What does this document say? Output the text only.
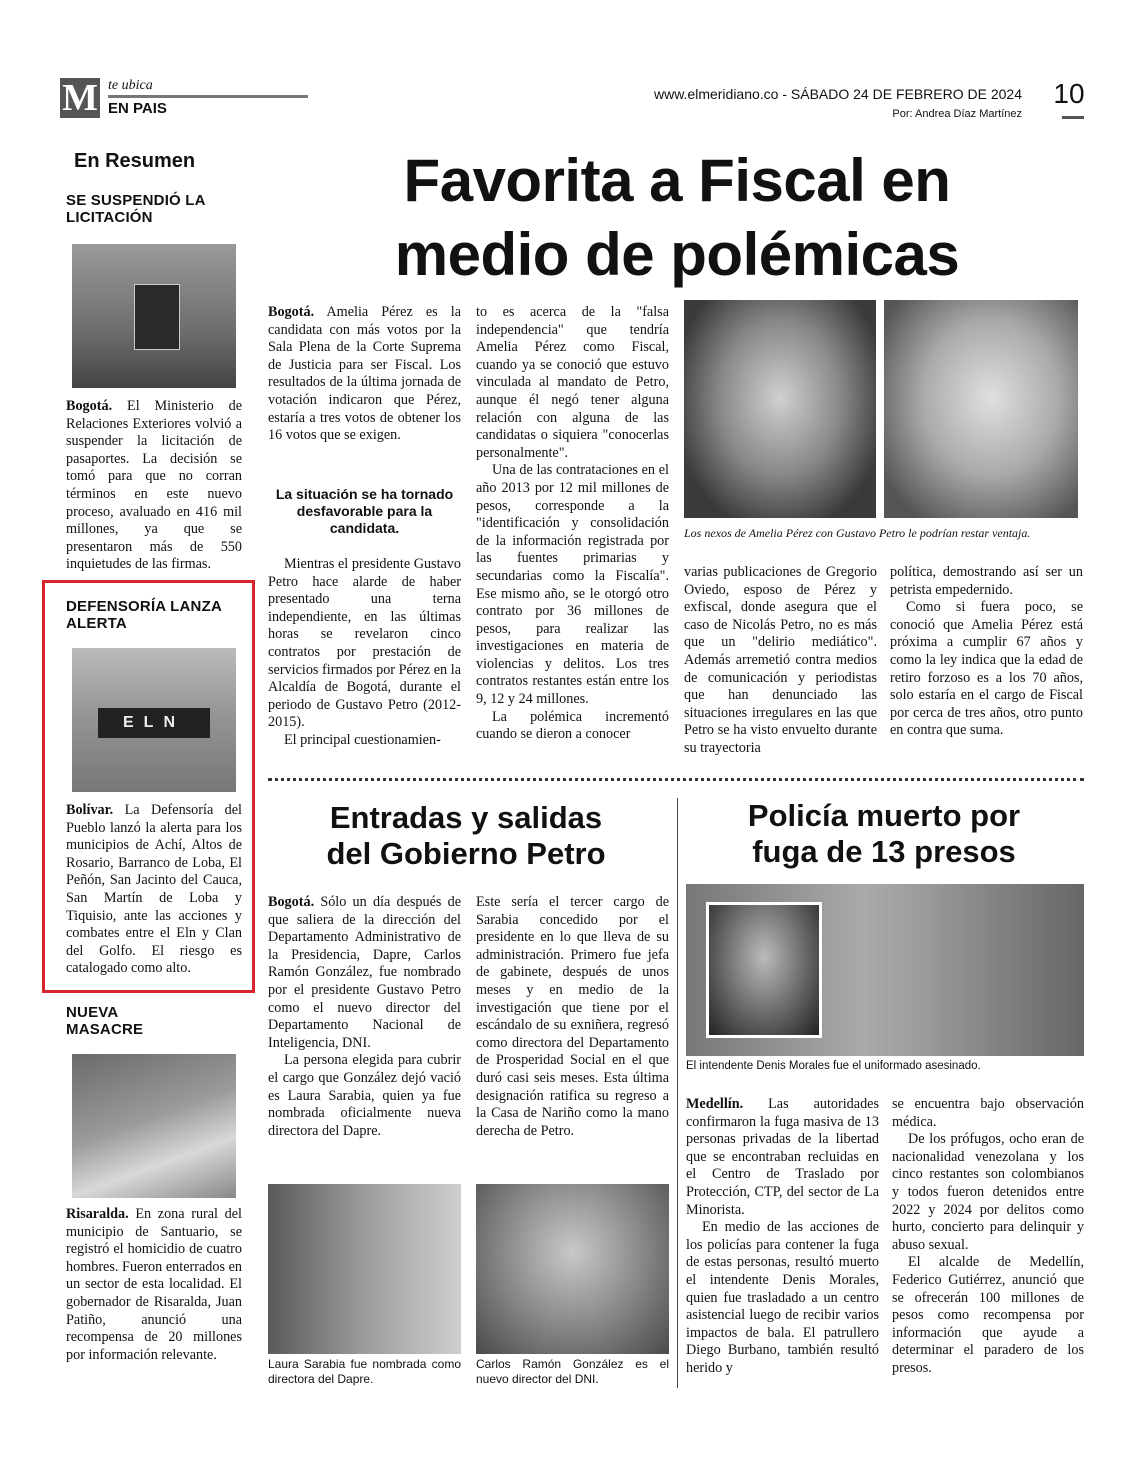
M te ubica
EN PAIS
www.elmeridiano.co - SÁBADO 24 DE FEBRERO DE 2024
Por: Andrea Díaz Martínez
10
En Resumen
SE SUSPENDIÓ LA LICITACIÓN

Bogotá. El Ministerio de Relaciones Exteriores volvió a suspender la licitación de pasaportes. La decisión se tomó para que no corran términos en este nuevo proceso, avaluado en 416 mil millones, ya que se presentaron más de 550 inquietudes de las firmas.

DEFENSORÍA LANZA ALERTA
ELN

Bolívar. La Defensoría del Pueblo lanzó la alerta para los municipios de Achí, Altos de Rosario, Barranco de Loba, El Peñón, San Jacinto del Cauca, San Martín de Loba y Tiquisio, ante las acciones y combates entre el Eln y Clan del Golfo. El riesgo es catalogado como alto.

NUEVA MASACRE

Risaralda. En zona rural del municipio de Santuario, se registró el homicidio de cuatro hombres. Fueron enterrados en un sector de esta localidad. El gobernador de Risaralda, Juan Patiño, anunció una recompensa de 20 millones por información relevante.

Favorita a Fiscal en
medio de polémicas

Bogotá. Amelia Pérez es la candidata con más votos por la Sala Plena de la Corte Suprema de Justicia para ser Fiscal. Los resultados de la última jornada de votación indicaron que Pérez, estaría a tres votos de obtener los 16 votos que se exigen.

La situación se ha tornado desfavorable para la candidata.

Mientras el presidente Gustavo Petro hace alarde de haber presentado una terna independiente, en las últimas horas se revelaron cinco contratos por prestación de servicios firmados por Pérez en la Alcaldía de Bogotá, durante el periodo de Gustavo Petro (2012-2015).

El principal cuestionamien-

to es acerca de la "falsa independencia" que tendría Amelia Pérez como Fiscal, cuando ya se conoció que estuvo vinculada al mandato de Petro, aunque él negó tener alguna relación con alguna de las candidatas o siquiera "conocerlas personalmente".

Una de las contrataciones en el año 2013 por 12 mil millones de pesos, corresponde a la "identificación y consolidación de la información registrada por las fuentes primarias y secundarias como la Fiscalía". Ese mismo año, se le otorgó otro contrato por 36 millones de pesos, para realizar las investigaciones en materia de violencias y delitos. Los tres contratos restantes están entre los 9, 12 y 24 millones.

La polémica incrementó cuando se dieron a conocer

Los nexos de Amelia Pérez con Gustavo Petro le podrían restar ventaja.

varias publicaciones de Gregorio Oviedo, esposo de Pérez y exfiscal, donde asegura que el caso de Nicolás Petro, no es más que un "delirio mediático". Además arremetió contra medios de comunicación y periodistas que han denunciado las situaciones irregulares en las que Petro se ha visto envuelto durante su trayectoria

política, demostrando así ser un petrista empedernido.

Como si fuera poco, se conoció que Amelia Pérez está próxima a cumplir 67 años y como la ley indica que la edad de retiro forzoso es a los 70 años, solo estaría en el cargo de Fiscal por cerca de tres años, otro punto en contra que suma.

Entradas y salidas
del Gobierno Petro

Bogotá. Sólo un día después de que saliera de la dirección del Departamento Administrativo de la Presidencia, Dapre, Carlos Ramón González, fue nombrado por el presidente Gustavo Petro como el nuevo director del Departamento Nacional de Inteligencia, DNI.

La persona elegida para cubrir el cargo que González dejó vació es Laura Sarabia, quien ya fue nombrada oficialmente nueva directora del Dapre.

Este sería el tercer cargo de Sarabia concedido por el presidente en lo que lleva de su administración. Primero fue jefa de gabinete, después de unos meses y en medio de la investigación que tiene por el escándalo de su exniñera, regresó como directora del Departamento de Prosperidad Social en el que duró casi seis meses. Esta última designación ratifica su regreso a la Casa de Nariño como la mano derecha de Petro.

Laura Sarabia fue nombrada como directora del Dapre.
Carlos Ramón González es el nuevo director del DNI.
Policía muerto por
fuga de 13 presos
El intendente Denis Morales fue el uniformado asesinado.

Medellín. Las autoridades confirmaron la fuga masiva de 13 personas privadas de la libertad que se encontraban recluidas en el Centro de Traslado por Protección, CTP, del sector de La Minorista.

En medio de las acciones de los policías para contener la fuga de estas personas, resultó muerto el intendente Denis Morales, quien fue trasladado a un centro asistencial luego de recibir varios impactos de bala. El patrullero Diego Burbano, también resultó herido y

se encuentra bajo observación médica.

De los prófugos, ocho eran de nacionalidad venezolana y los cinco restantes son colombianos y todos fueron detenidos entre 2022 y 2024 por delitos como hurto, concierto para delinquir y abuso sexual.

El alcalde de Medellín, Federico Gutiérrez, anunció que se ofrecerán 100 millones de pesos como recompensa por información que ayude a determinar el paradero de los presos.
